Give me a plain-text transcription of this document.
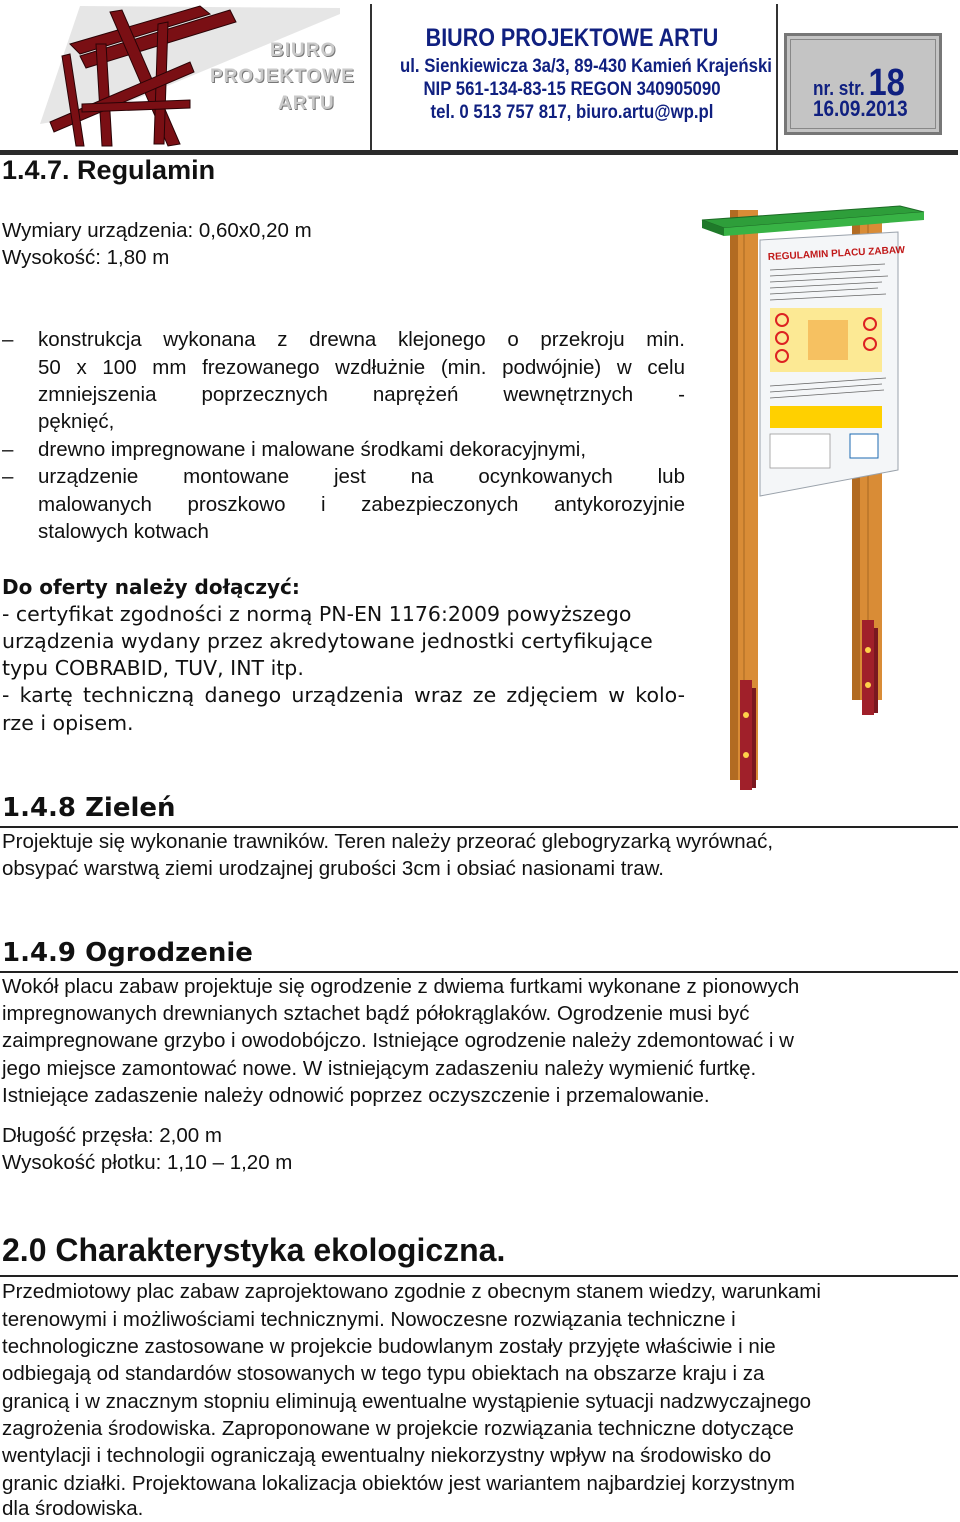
BIURO
PROJEKTOWE
ARTU
BIURO PROJEKTOWE ARTU
ul. Sienkiewicza 3a/3, 89-430 Kamień Krajeński
NIP 561-134-83-15 REGON 340905090
tel. 0 513 757 817, biuro.artu@wp.pl
nr. str. 18
16.09.2013
1.4.7. Regulamin
Wymiary urządzenia: 0,60x0,20 m
Wysokość: 1,80 m
–	konstrukcja wykonana z drewna klejonego o przekroju min.
50 x 100 mm frezowanego wzdłużnie (min. podwójnie) w celu
zmniejszenia poprzecznych naprężeń wewnętrznych -
pęknięć,
–	drewno impregnowane i malowane środkami dekoracyjnymi,
–	urządzenie montowane jest na ocynkowanych lub
malowanych proszkowo i zabezpieczonych antykorozyjnie
stalowych kotwach
Do oferty należy dołączyć:
- certyfikat zgodności z normą PN-EN 1176:2009 powyższego
urządzenia wydany przez akredytowane jednostki certyfikujące
typu COBRABID, TUV, INT itp.
- kartę techniczną danego urządzenia wraz ze zdjęciem w kolo-
rze i opisem.
REGULAMIN PLACU ZABAW
1.4.8 Zieleń
Projektuje się wykonanie trawników. Teren należy przeorać glebogryzarką wyrównać,
obsypać warstwą ziemi urodzajnej grubości 3cm i obsiać nasionami traw.
1.4.9 Ogrodzenie
Wokół placu zabaw projektuje się ogrodzenie z dwiema furtkami wykonane z pionowych
impregnowanych drewnianych sztachet bądź półokrąglaków. Ogrodzenie musi być
zaimpregnowane grzybo i owodobójczo. Istniejące ogrodzenie należy zdemontować i w
jego miejsce zamontować nowe. W istniejącym zadaszeniu należy wymienić furtkę.
Istniejące zadaszenie należy odnowić poprzez oczyszczenie i przemalowanie.
Długość przęsła: 2,00 m
Wysokość płotku: 1,10 – 1,20 m
2.0 Charakterystyka ekologiczna.
Przedmiotowy plac zabaw zaprojektowano zgodnie z obecnym stanem wiedzy, warunkami
terenowymi i możliwościami technicznymi. Nowoczesne rozwiązania techniczne i
technologiczne zastosowane w projekcie budowlanym zostały przyjęte właściwie i nie
odbiegają od standardów stosowanych w tego typu obiektach na obszarze kraju i za
granicą i w znacznym stopniu eliminują ewentualne wystąpienie sytuacji nadzwyczajnego
zagrożenia środowiska. Zaproponowane w projekcie rozwiązania techniczne dotyczące
wentylacji i technologii ograniczają ewentualny niekorzystny wpływ na środowisko do
granic działki. Projektowana lokalizacja obiektów jest wariantem najbardziej korzystnym
dla środowiska.
